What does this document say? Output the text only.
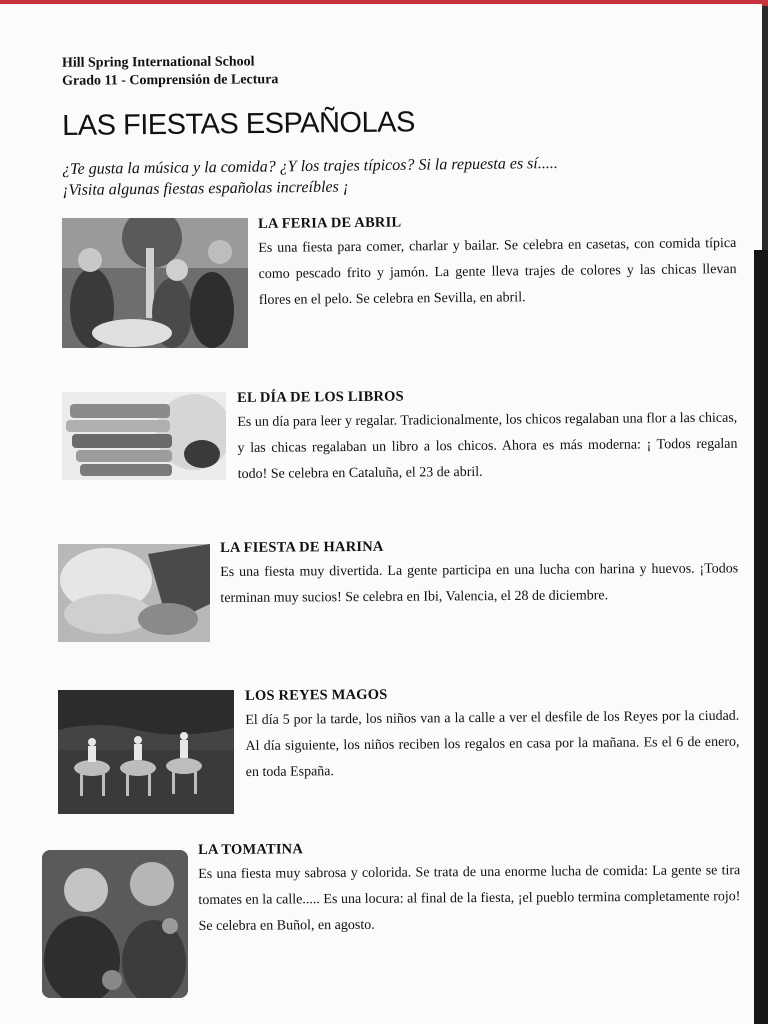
Hill Spring International School
Grado 11 - Comprensión de Lectura
LAS FIESTAS ESPAÑOLAS
¿Te gusta la música y la comida? ¿Y los trajes típicos? Si la repuesta es sí.....
¡Visita algunas fiestas españolas increíbles ¡
LA FERIA DE ABRIL

Es una fiesta para comer, charlar y bailar. Se celebra en casetas, con comida típica como pescado frito y jamón. La gente lleva trajes de colores y las chicas llevan flores en el pelo. Se celebra en Sevilla, en abril.

EL DÍA DE LOS LIBROS

Es un día para leer y regalar. Tradicionalmente, los chicos regalaban una flor a las chicas, y las chicas regalaban un libro a los chicos. Ahora es más moderna: ¡ Todos regalan todo! Se celebra en Cataluña, el 23 de abril.

LA FIESTA DE HARINA

Es una fiesta muy divertida. La gente participa en una lucha con harina y huevos. ¡Todos terminan muy sucios! Se celebra en Ibi, Valencia, el 28 de diciembre.

LOS REYES MAGOS

El día 5 por la tarde, los niños van a la calle a ver el desfile de los Reyes por la ciudad. Al día siguiente, los niños reciben los regalos en casa por la mañana. Es el 6 de enero, en toda España.

LA TOMATINA

Es una fiesta muy sabrosa y colorida. Se trata de una enorme lucha de comida: La gente se tira tomates en la calle..... Es una locura: al final de la fiesta, ¡el pueblo termina completamente rojo! Se celebra en Buñol, en agosto.
